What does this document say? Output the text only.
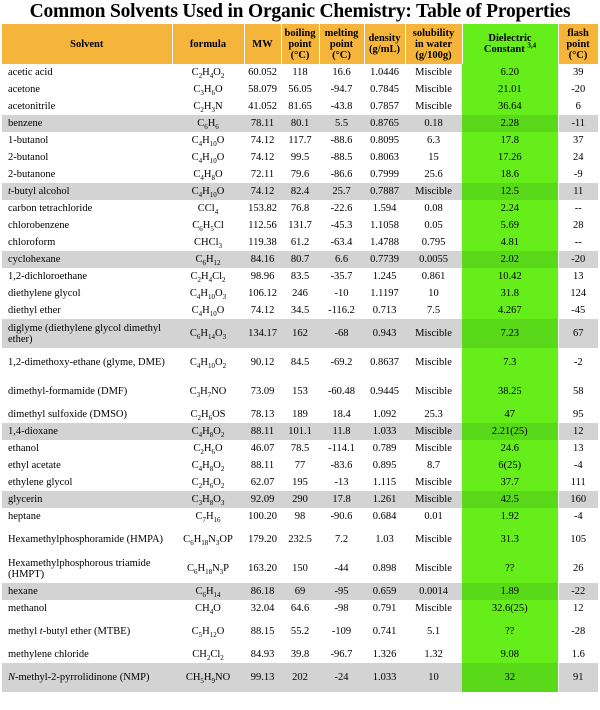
Common Solvents Used in Organic Chemistry: Table of Properties
Solvent	formula	MW	boiling
point
(°C)	melting
point
(°C)	density
(g/mL)	solubility
in water
(g/100g)	Dielectric
Constant $^{3,4}$	flash
point
(°C)
acetic acid	$C_2H_4O_2$	60.052	118	16.6	1.0446	Miscible	6.20	39
acetone	$C_3H_6O$	58.079	56.05	-94.7	0.7845	Miscible	21.01	-20
acetonitrile	$C_2H_3N$	41.052	81.65	-43.8	0.7857	Miscible	36.64	6
benzene	$C_6H_6$	78.11	80.1	5.5	0.8765	0.18	2.28	-11
1-butanol	$C_4H_{10}O$	74.12	117.7	-88.6	0.8095	6.3	17.8	37
2-butanol	$C_4H_{10}O$	74.12	99.5	-88.5	0.8063	15	17.26	24
2-butanone	$C_4H_8O$	72.11	79.6	-86.6	0.7999	25.6	18.6	-9
t-butyl alcohol	$C_4H_{10}O$	74.12	82.4	25.7	0.7887	Miscible	12.5	11
carbon tetrachloride	CCl$_4$	153.82	76.8	-22.6	1.594	0.08	2.24	--
chlorobenzene	$C_6H_5Cl$	112.56	131.7	-45.3	1.1058	0.05	5.69	28
chloroform	CHCl$_3$	119.38	61.2	-63.4	1.4788	0.795	4.81	--
cyclohexane	$C_6H_{12}$	84.16	80.7	6.6	0.7739	0.0055	2.02	-20
1,2-dichloroethane	$C_2H_4Cl_2$	98.96	83.5	-35.7	1.245	0.861	10.42	13
diethylene glycol	$C_4H_{10}O_3$	106.12	246	-10	1.1197	10	31.8	124
diethyl ether	$C_4H_{10}O$	74.12	34.5	-116.2	0.713	7.5	4.267	-45
diglyme (diethylene glycol dimethyl ether)	$C_6H_{14}O_3$	134.17	162	-68	0.943	Miscible	7.23	67
1,2-dimethoxy-ethane (glyme, DME)	$C_4H_{10}O_2$	90.12	84.5	-69.2	0.8637	Miscible	7.3	-2
dimethyl-formamide (DMF)	$C_3H_7NO$	73.09	153	-60.48	0.9445	Miscible	38.25	58
dimethyl sulfoxide (DMSO)	$C_2H_6OS$	78.13	189	18.4	1.092	25.3	47	95
1,4-dioxane	$C_4H_8O_2$	88.11	101.1	11.8	1.033	Miscible	2.21(25)	12
ethanol	$C_2H_6O$	46.07	78.5	-114.1	0.789	Miscible	24.6	13
ethyl acetate	$C_4H_8O_2$	88.11	77	-83.6	0.895	8.7	6(25)	-4
ethylene glycol	$C_2H_6O_2$	62.07	195	-13	1.115	Miscible	37.7	111
glycerin	$C_3H_8O_3$	92.09	290	17.8	1.261	Miscible	42.5	160
heptane	$C_7H_{16}$	100.20	98	-90.6	0.684	0.01	1.92	-4
Hexamethylphosphoramide (HMPA)	$C_6H_{18}N_3OP$	179.20	232.5	7.2	1.03	Miscible	31.3	105
Hexamethylphosphorous triamide (HMPT)	$C_6H_{18}N_3P$	163.20	150	-44	0.898	Miscible	??	26
hexane	$C_6H_{14}$	86.18	69	-95	0.659	0.0014	1.89	-22
methanol	$CH_4O$	32.04	64.6	-98	0.791	Miscible	32.6(25)	12
methyl t-butyl ether (MTBE)	$C_5H_{12}O$	88.15	55.2	-109	0.741	5.1	??	-28
methylene chloride	$CH_2Cl_2$	84.93	39.8	-96.7	1.326	1.32	9.08	1.6
N-methyl-2-pyrrolidinone (NMP)	$CH_5H_9NO$	99.13	202	-24	1.033	10	32	91
